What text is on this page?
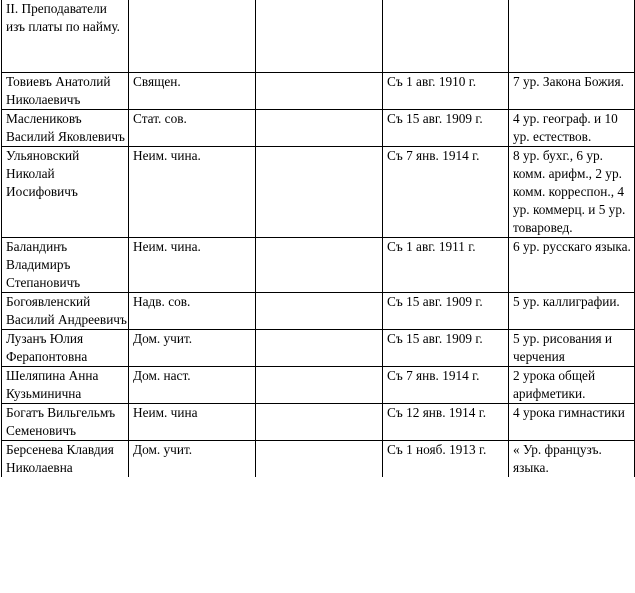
II. Преподаватели изъ платы по найму.				
Товиевъ Анатолий Николаевичъ	Священ.		Съ 1 авг. 1910 г.	7 ур. Закона Божия.
Маслениковъ Василий Яковлевичъ	Стат. сов.		Съ 15 авг. 1909 г.	4 ур. географ. и 10 ур. естествов.
Ульяновский Николай Иосифовичъ	Неим. чина.		Съ 7 янв. 1914 г.	8 ур. бухг., 6 ур. комм. арифм., 2 ур. комм. корреспон., 4 ур. коммерц. и 5 ур. товаровед.
Баландинъ Владимиръ Степановичъ	Неим. чина.		Съ 1 авг. 1911 г.	6 ур. русскаго языка.
Богоявленский Василий Андреевичъ	Надв. сов.		Съ 15 авг. 1909 г.	5 ур. каллиграфии.
Лузанъ Юлия Ферапонтовна	Дом. учит.		Съ 15 авг. 1909 г.	5 ур. рисования и черчения
Шеляпина Анна Кузьминична	Дом. наст.		Съ 7 янв. 1914 г.	2 урока общей арифметики.
Богатъ Вильгельмъ Семеновичъ	Неим. чина		Съ 12 янв. 1914 г.	4 урока гимнастики
Берсенева Клавдия Николаевна	Дом. учит.		Съ 1 нояб. 1913 г.	« Ур. французъ. языка.
